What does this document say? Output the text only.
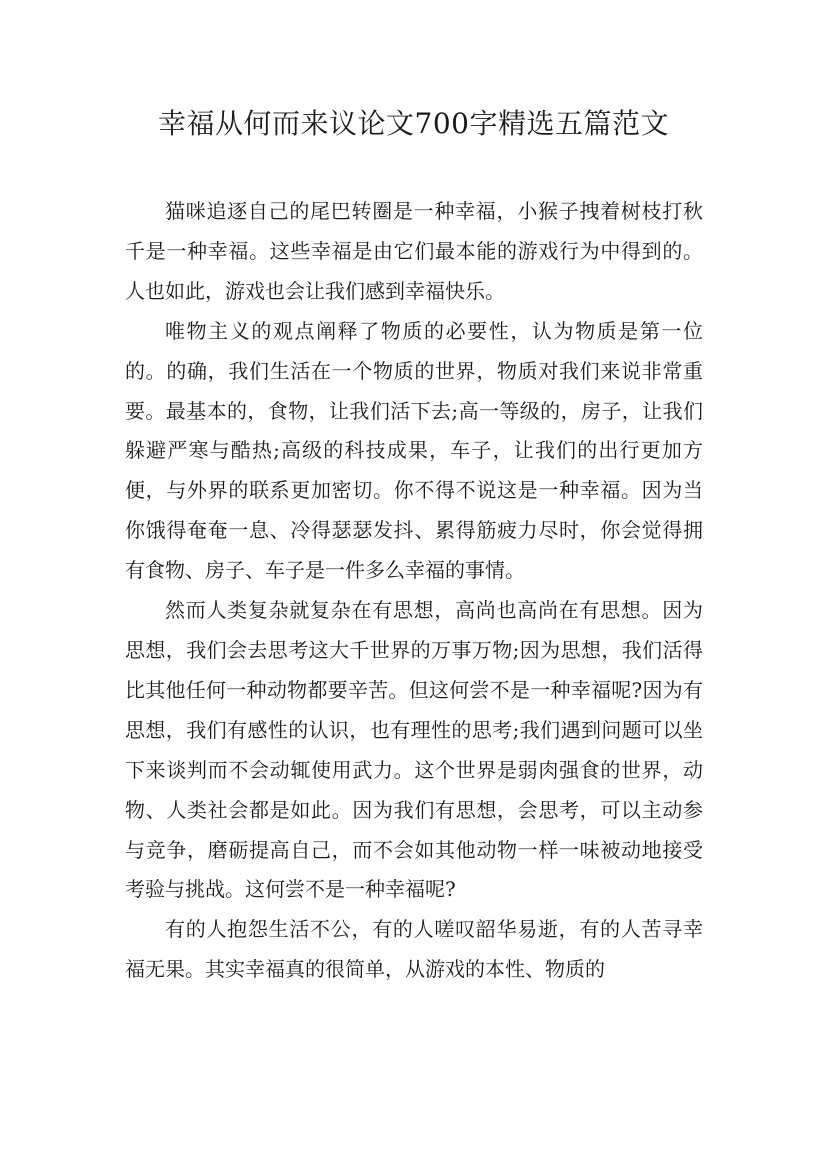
幸福从何而来议论文700字精选五篇范文

猫咪追逐自己的尾巴转圈是一种幸福，小猴子拽着树枝打秋千是一种幸福。这些幸福是由它们最本能的游戏行为中得到的。人也如此，游戏也会让我们感到幸福快乐。

唯物主义的观点阐释了物质的必要性，认为物质是第一位的。的确，我们生活在一个物质的世界，物质对我们来说非常重要。最基本的，食物，让我们活下去;高一等级的，房子，让我们躲避严寒与酷热;高级的科技成果，车子，让我们的出行更加方便，与外界的联系更加密切。你不得不说这是一种幸福。因为当你饿得奄奄一息、冷得瑟瑟发抖、累得筋疲力尽时，你会觉得拥有食物、房子、车子是一件多么幸福的事情。

然而人类复杂就复杂在有思想，高尚也高尚在有思想。因为思想，我们会去思考这大千世界的万事万物;因为思想，我们活得比其他任何一种动物都要辛苦。但这何尝不是一种幸福呢?因为有思想，我们有感性的认识，也有理性的思考;我们遇到问题可以坐下来谈判而不会动辄使用武力。这个世界是弱肉强食的世界，动物、人类社会都是如此。因为我们有思想，会思考，可以主动参与竞争，磨砺提高自己，而不会如其他动物一样一味被动地接受考验与挑战。这何尝不是一种幸福呢?

有的人抱怨生活不公，有的人嗟叹韶华易逝，有的人苦寻幸福无果。其实幸福真的很简单，从游戏的本性、物质的
